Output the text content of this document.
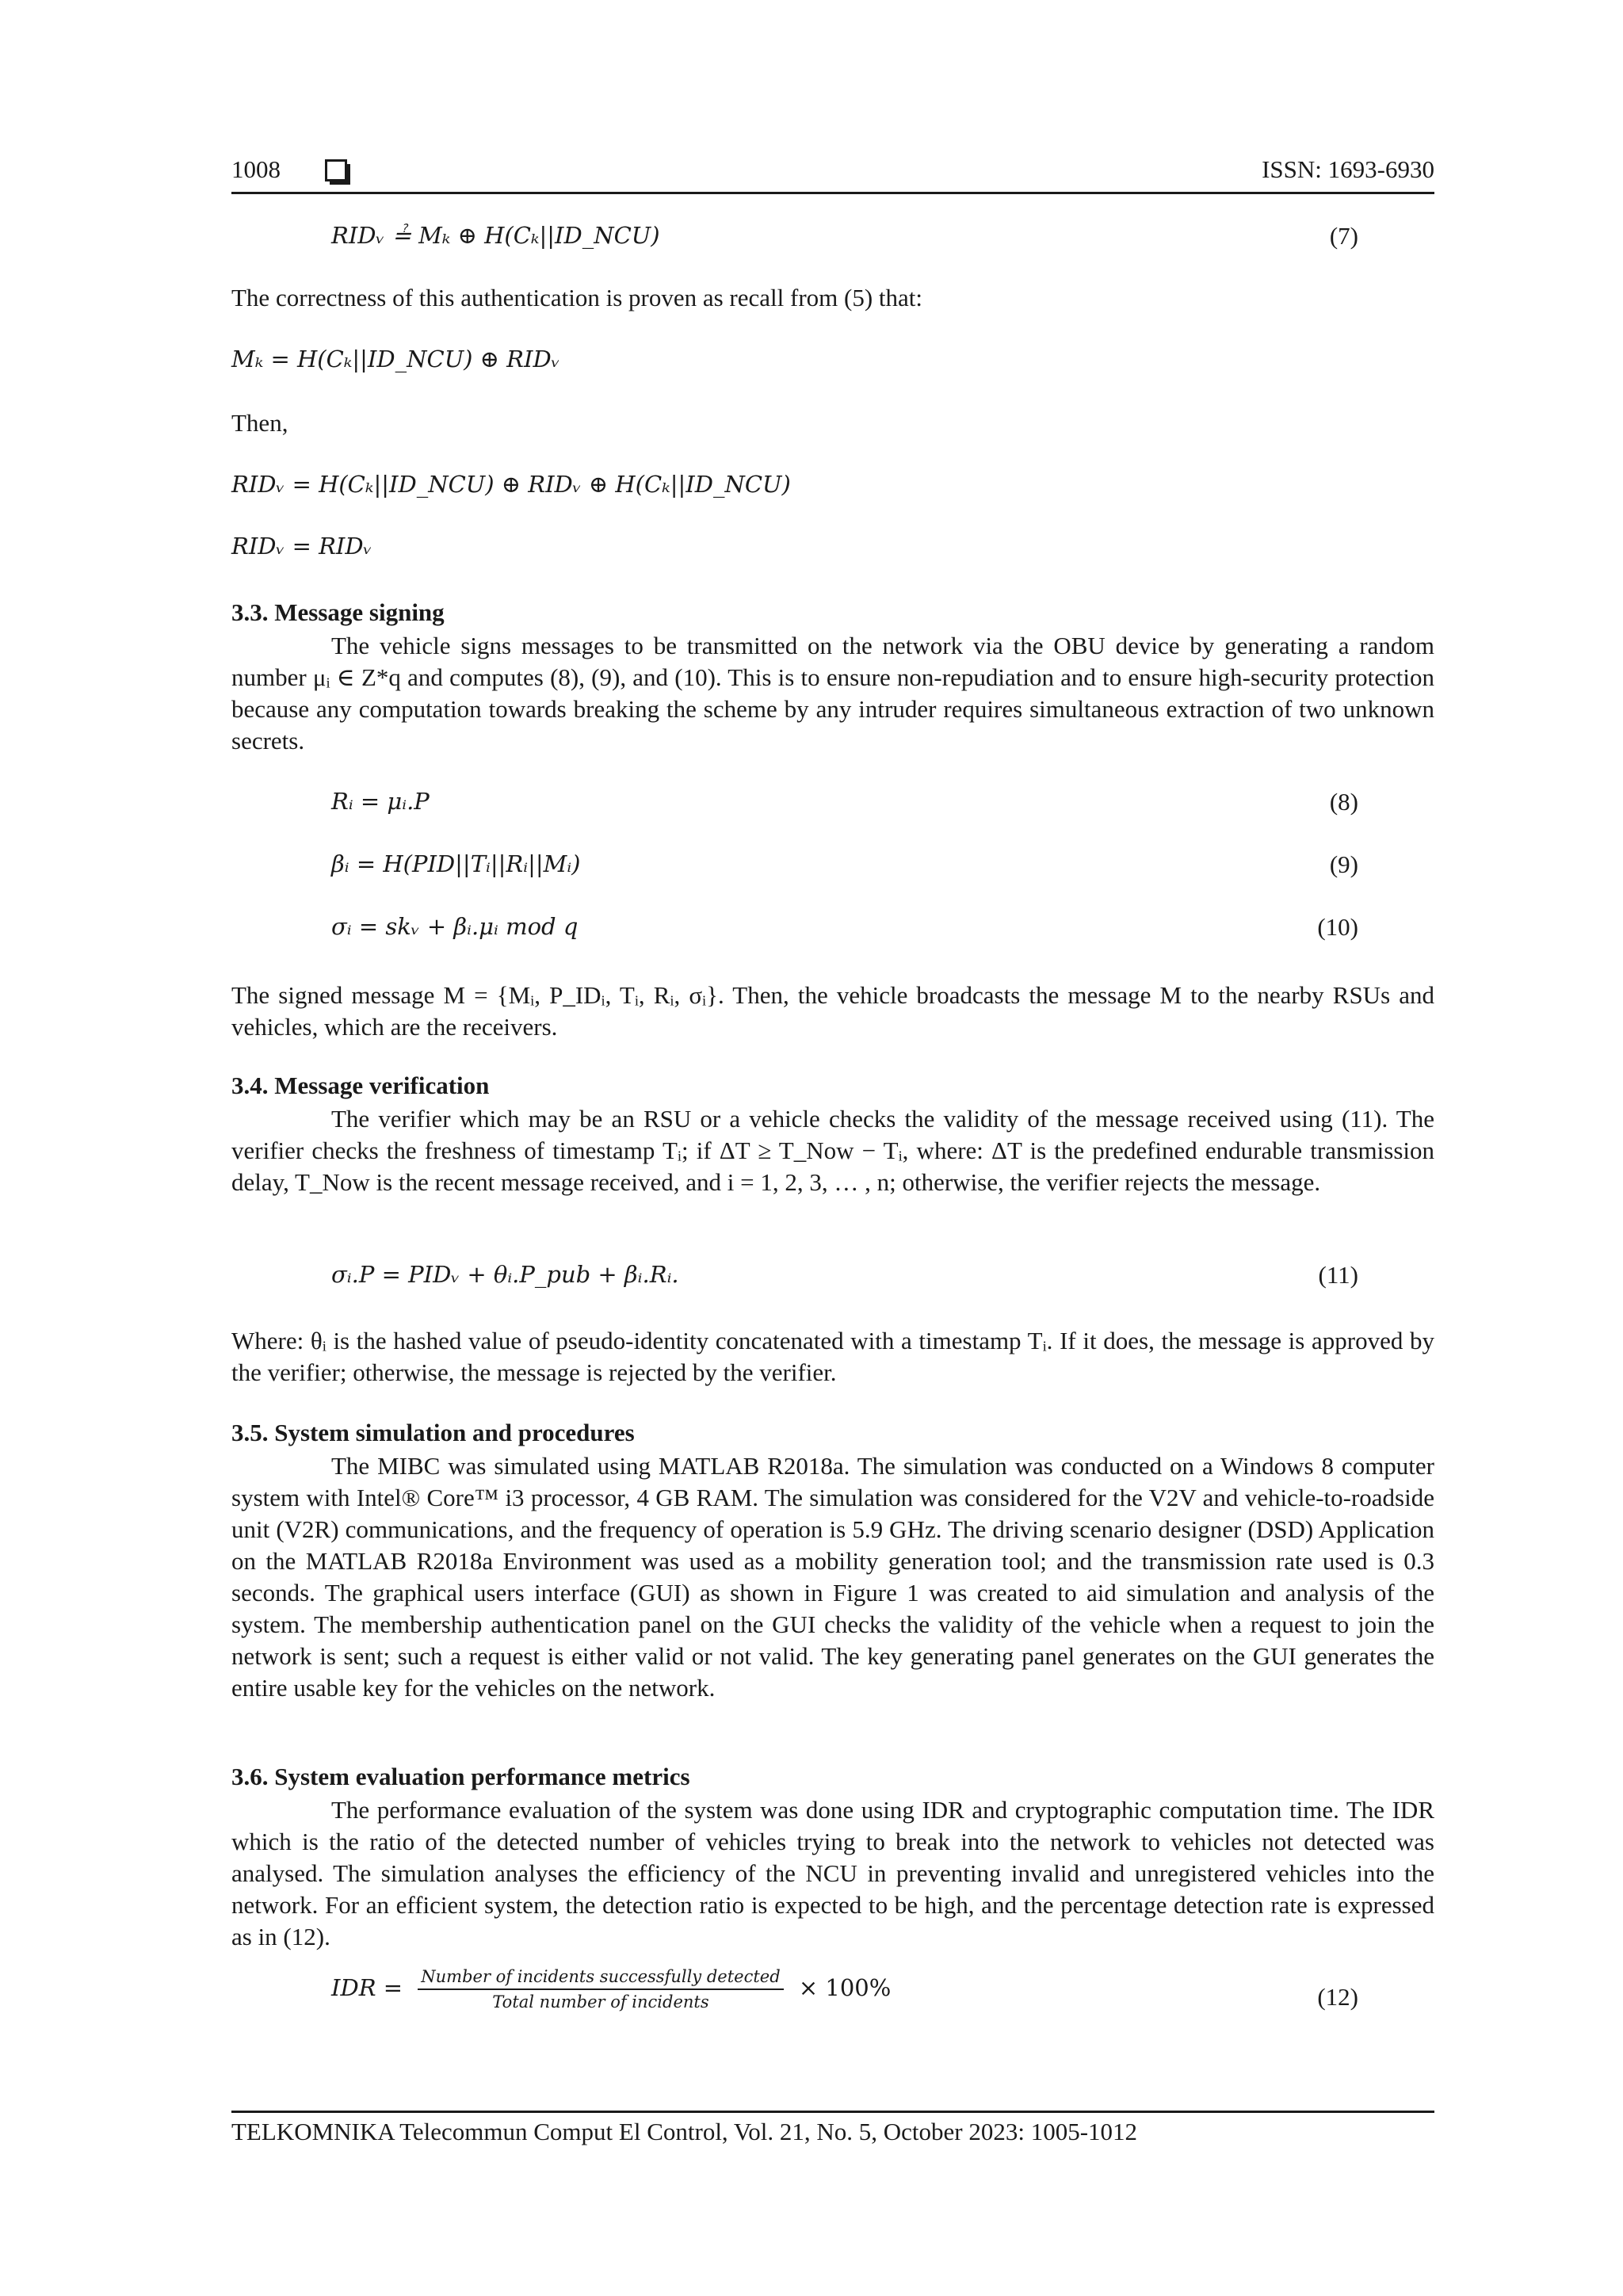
1008	ISSN: 1693-6930
RIDᵥ ≟ Mₖ ⊕ H(Cₖ||ID_NCU)	(7)
The correctness of this authentication is proven as recall from (5) that:
Mₖ = H(Cₖ||ID_NCU) ⊕ RIDᵥ
Then,
RIDᵥ = H(Cₖ||ID_NCU) ⊕ RIDᵥ ⊕ H(Cₖ||ID_NCU)
RIDᵥ = RIDᵥ
3.3. Message signing
The vehicle signs messages to be transmitted on the network via the OBU device by generating a random number μᵢ ∈ Z*q and computes (8), (9), and (10). This is to ensure non-repudiation and to ensure high-security protection because any computation towards breaking the scheme by any intruder requires simultaneous extraction of two unknown secrets.
Rᵢ = μᵢ.P	(8)
βᵢ = H(PID||Tᵢ||Rᵢ||Mᵢ)	(9)
σᵢ = skᵥ + βᵢ.μᵢ mod q	(10)
The signed message M = {Mᵢ, P_IDᵢ, Tᵢ, Rᵢ, σᵢ}. Then, the vehicle broadcasts the message M to the nearby RSUs and vehicles, which are the receivers.
3.4. Message verification
The verifier which may be an RSU or a vehicle checks the validity of the message received using (11). The verifier checks the freshness of timestamp Tᵢ; if ΔT ≥ T_Now − Tᵢ, where: ΔT is the predefined endurable transmission delay, T_Now is the recent message received, and i = 1, 2, 3, … , n; otherwise, the verifier rejects the message.
σᵢ.P = PIDᵥ + θᵢ.P_pub + βᵢ.Rᵢ.	(11)
Where: θᵢ is the hashed value of pseudo-identity concatenated with a timestamp Tᵢ. If it does, the message is approved by the verifier; otherwise, the message is rejected by the verifier.
3.5. System simulation and procedures
The MIBC was simulated using MATLAB R2018a. The simulation was conducted on a Windows 8 computer system with Intel® Core™ i3 processor, 4 GB RAM. The simulation was considered for the V2V and vehicle-to-roadside unit (V2R) communications, and the frequency of operation is 5.9 GHz. The driving scenario designer (DSD) Application on the MATLAB R2018a Environment was used as a mobility generation tool; and the transmission rate used is 0.3 seconds. The graphical users interface (GUI) as shown in Figure 1 was created to aid simulation and analysis of the system. The membership authentication panel on the GUI checks the validity of the vehicle when a request to join the network is sent; such a request is either valid or not valid. The key generating panel generates on the GUI generates the entire usable key for the vehicles on the network.
3.6. System evaluation performance metrics
The performance evaluation of the system was done using IDR and cryptographic computation time. The IDR which is the ratio of the detected number of vehicles trying to break into the network to vehicles not detected was analysed. The simulation analyses the efficiency of the NCU in preventing invalid and unregistered vehicles into the network. For an efficient system, the detection ratio is expected to be high, and the percentage detection rate is expressed as in (12).
IDR = $\frac{\text{Number of incidents successfully detected}}{\text{Total number of incidents}} \times 100\%$	(12)
TELKOMNIKA Telecommun Comput El Control, Vol. 21, No. 5, October 2023: 1005-1012
